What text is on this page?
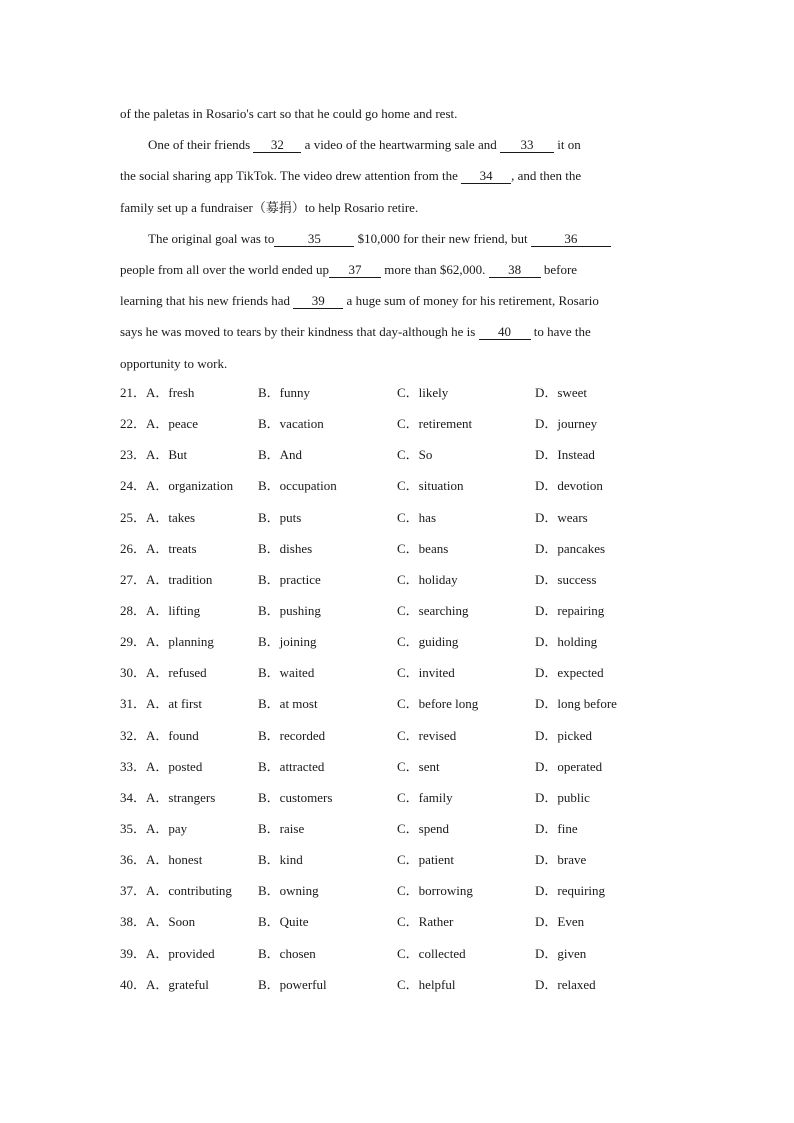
of the paletas in Rosario's cart so that he could go home and rest.
One of their friends 32 a video of the heartwarming sale and 33 it on
the social sharing app TikTok. The video drew attention from the 34 , and then the
family set up a fundraiser（募捐）to help Rosario retire.
The original goal was to	35	$10,000 for their new friend, but	36
people from all over the world ended up 37 more than $62,000. 38 before
learning that his new friends had 39 a huge sum of money for his retirement, Rosario
says he was moved to tears by their kindness that day-although he is 40 to have the
opportunity to work.
21．A．fresh	B．funny	C．likely	D．sweet
22．A．peace	B．vacation	C．retirement	D．journey
23．A．But	B．And	C．So	D．Instead
24．A．organization B．occupation	C．situation	D．devotion
25．A．takes	B．puts	C．has	D．wears
26．A．treats	B．dishes	C．beans	D．pancakes
27．A．tradition	B．practice	C．holiday	D．success
28．A．lifting	B．pushing	C．searching	D．repairing
29．A．planning	B．joining	C．guiding	D．holding
30．A．refused	B．waited	C．invited	D．expected
31．A．at first	B．at most	C．before long	D．long before
32．A．found	B．recorded	C．revised	D．picked
33．A．posted	B．attracted	C．sent	D．operated
34．A．strangers	B．customers	C．family	D．public
35．A．pay	B．raise	C．spend	D．fine
36．A．honest	B．kind	C．patient	D．brave
37．A．contributing B．owning	C．borrowing	D．requiring
38．A．Soon	B．Quite	C．Rather	D．Even
39．A．provided	B．chosen	C．collected	D．given
40．A．grateful	B．powerful	C．helpful	D．relaxed
